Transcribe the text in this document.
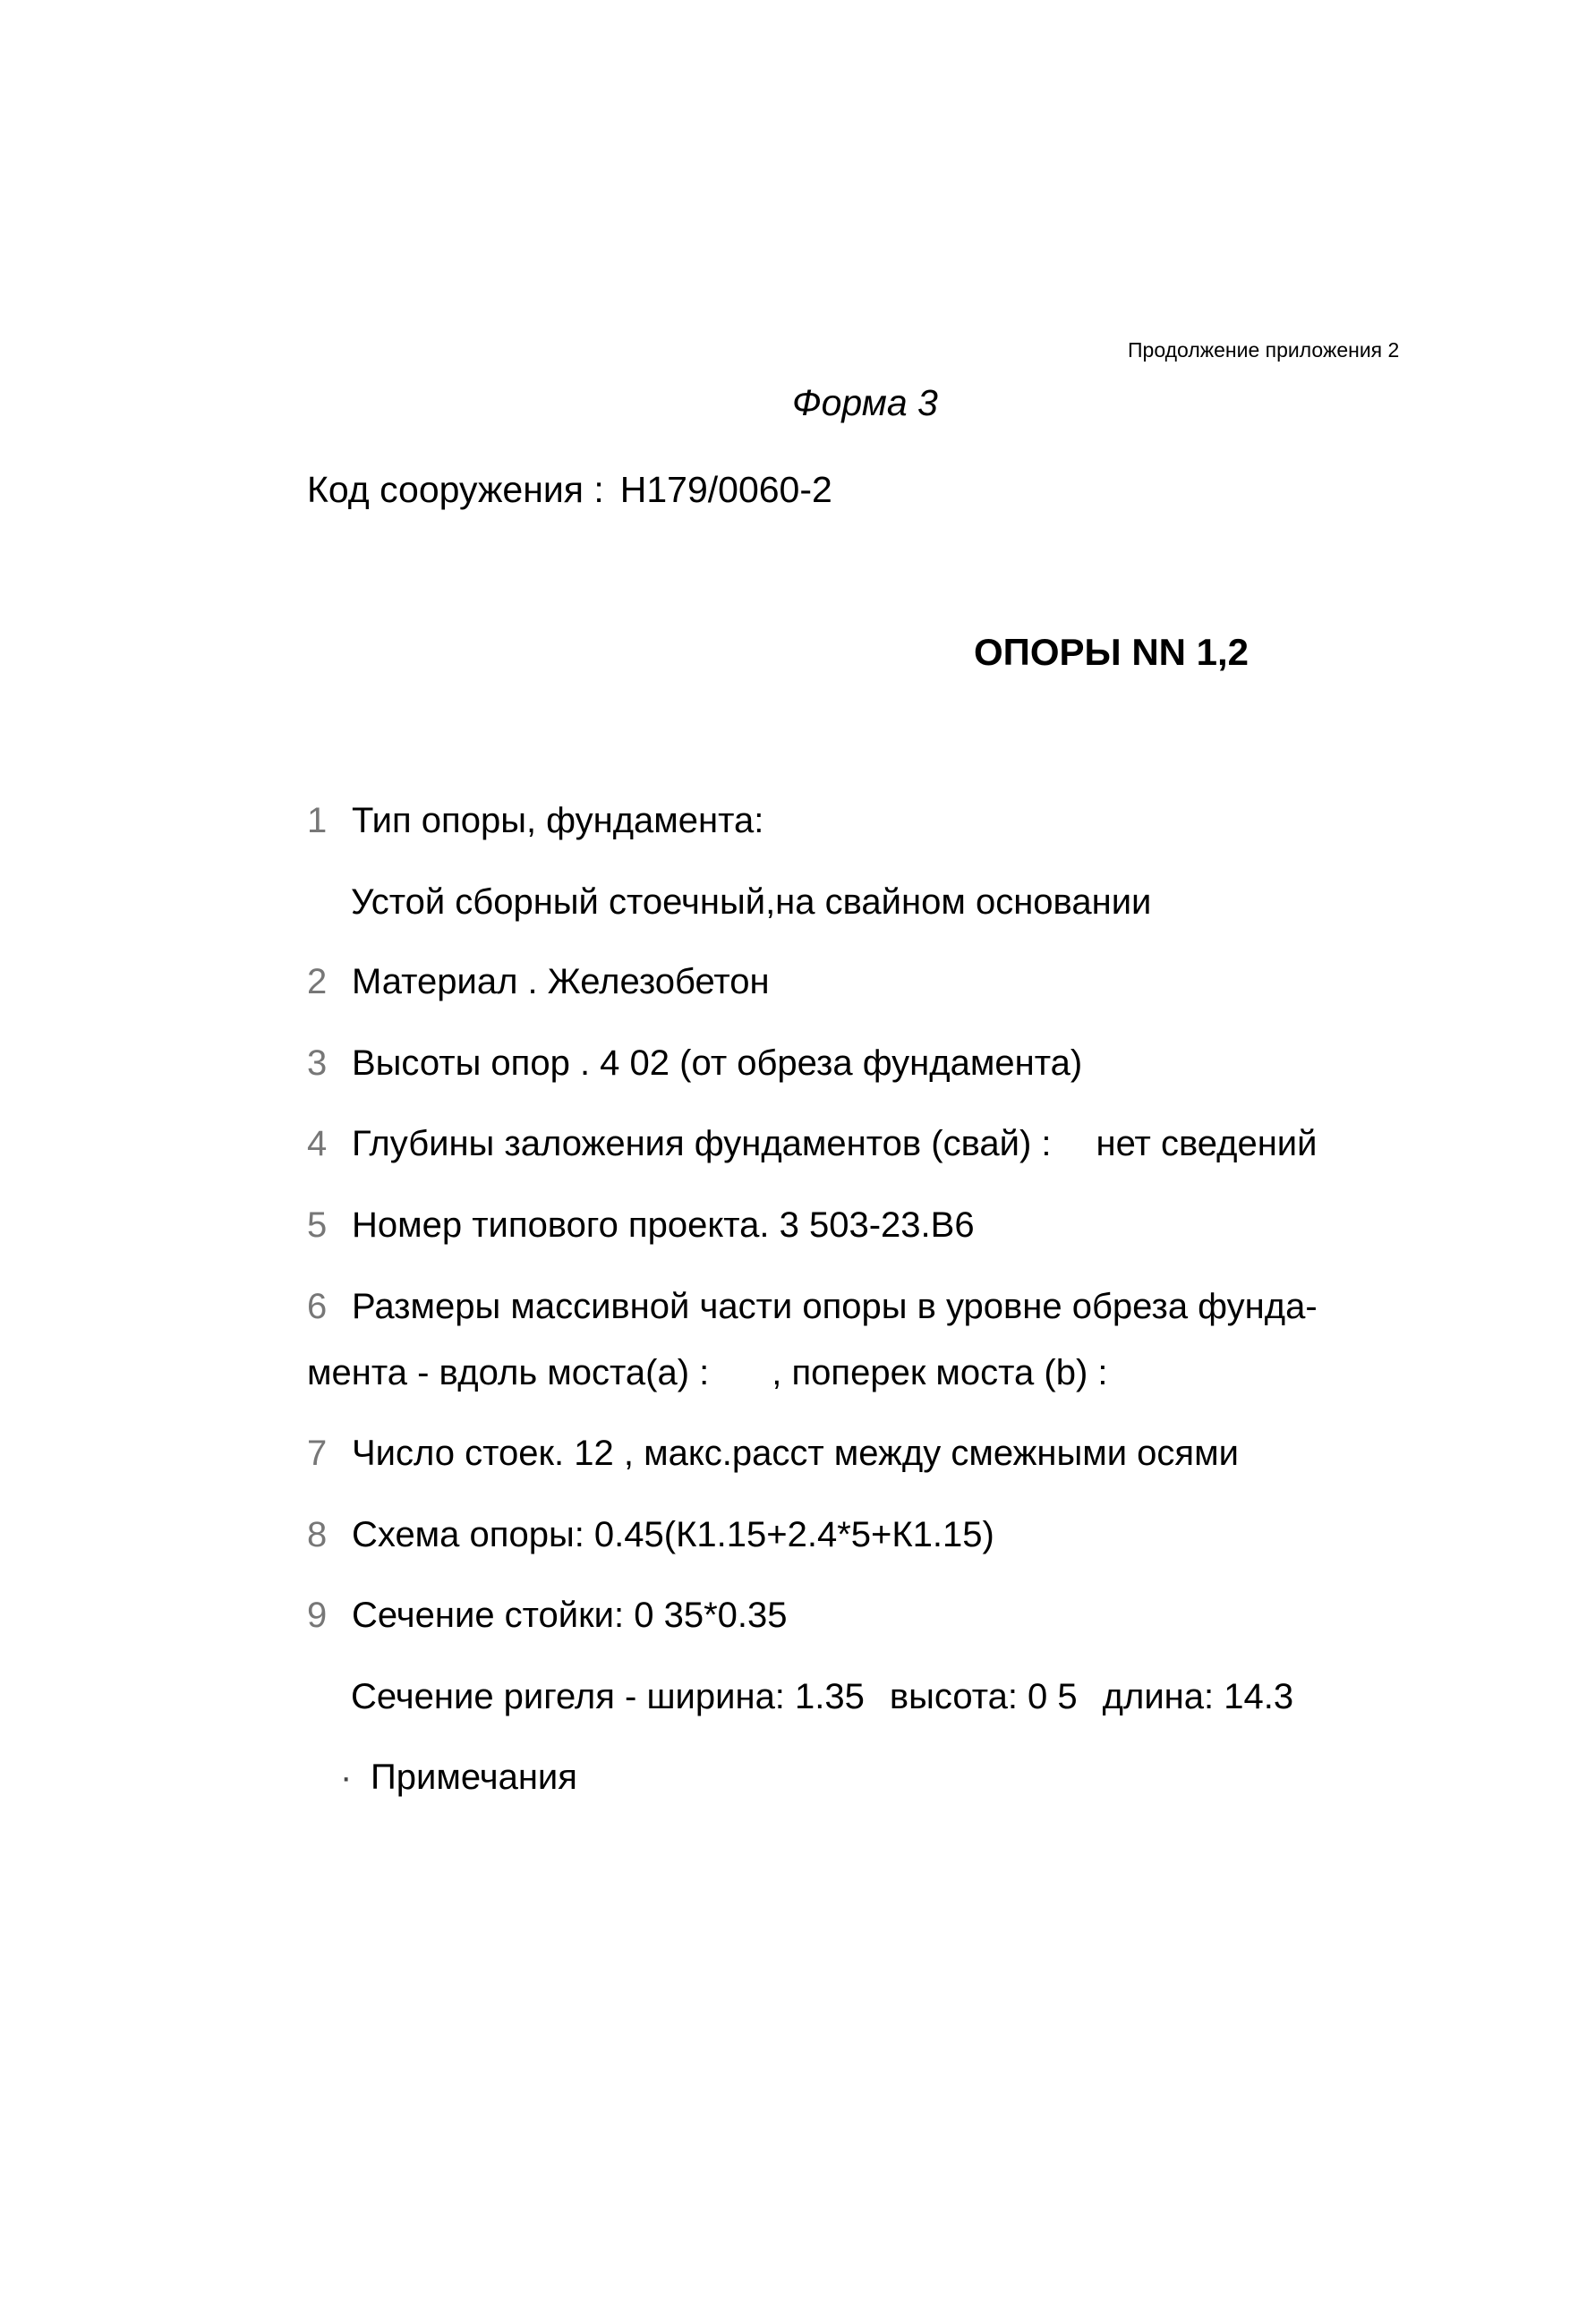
Продолжение приложения 2
Форма 3
Код сооружения : Н179/0060-2
ОПОРЫ NN 1,2
1 Тип опоры, фундамента:
Устой сборный стоечный,на свайном основании
2 Материал . Железобетон
3 Высоты опор . 4 02 (от обреза фундамента)
4 Глубины заложения фундаментов (свай) : нет сведений
5 Номер типового проекта. 3 503-23.В6
6 Размеры массивной части опоры в уровне обреза фунда-
мента - вдоль моста(а) : , поперек моста (b) :
7 Число стоек. 12 , макс.расст между смежными осями
8 Схема опоры: 0.45(К1.15+2.4*5+К1.15)
9 Сечение стойки: 0 35*0.35
Сечение ригеля - ширина: 1.35 высота: 0 5 длина: 14.3
· Примечания
